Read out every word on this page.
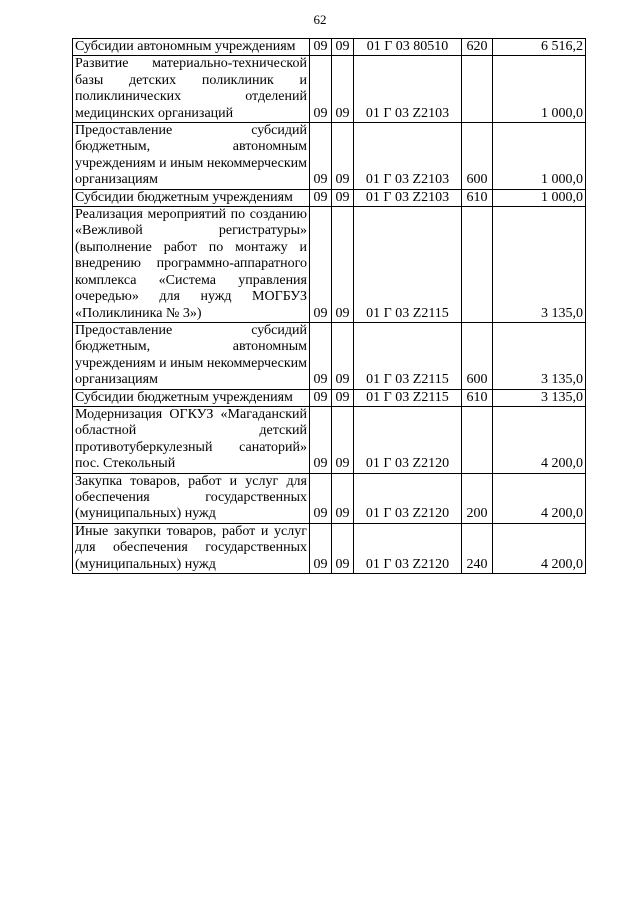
62
Субсидии автономным учреждениям	09	09	01 Г 03 80510	620	6 516,2
Развитие материально-технической базы детских поликлиник и поликлинических отделений медицинских организаций	09	09	01 Г 03 Z2103		1 000,0
Предоставление субсидий бюджетным, автономным учреждениям и иным некоммерческим организациям	09	09	01 Г 03 Z2103	600	1 000,0
Субсидии бюджетным учреждениям	09	09	01 Г 03 Z2103	610	1 000,0
Реализация мероприятий по созданию «Вежливой регистратуры» (выполнение работ по монтажу и внедрению программно-аппаратного комплекса «Система управления очередью» для нужд МОГБУЗ «Поликлиника № 3»)	09	09	01 Г 03 Z2115		3 135,0
Предоставление субсидий бюджетным, автономным учреждениям и иным некоммерческим организациям	09	09	01 Г 03 Z2115	600	3 135,0
Субсидии бюджетным учреждениям	09	09	01 Г 03 Z2115	610	3 135,0
Модернизация ОГКУЗ «Магаданский областной детский противотуберкулезный санаторий» пос. Стекольный	09	09	01 Г 03 Z2120		4 200,0
Закупка товаров, работ и услуг для обеспечения государственных (муниципальных) нужд	09	09	01 Г 03 Z2120	200	4 200,0
Иные закупки товаров, работ и услуг для обеспечения государственных (муниципальных) нужд	09	09	01 Г 03 Z2120	240	4 200,0
